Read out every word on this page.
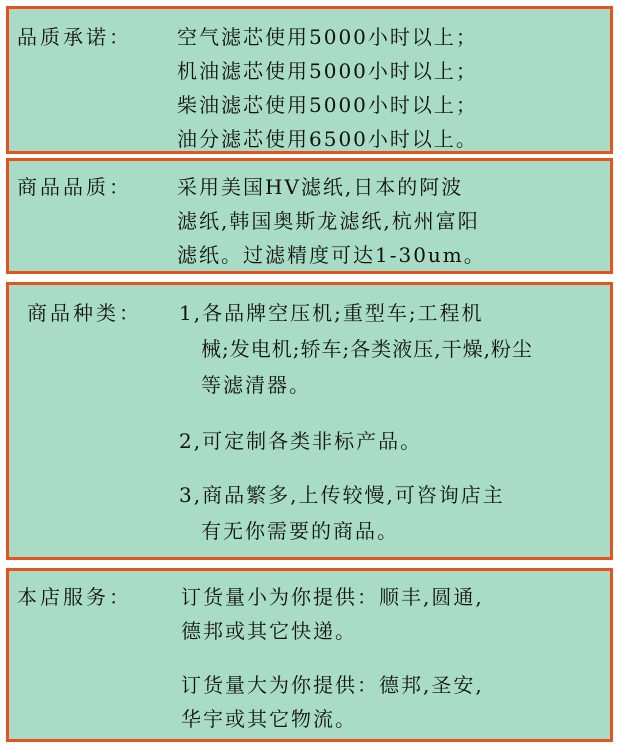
品质承诺： 空气滤芯使用5000小时以上；
机油滤芯使用5000小时以上；
柴油滤芯使用5000小时以上；
油分滤芯使用6500小时以上。
商品品质： 采用美国HV滤纸,日本的阿波
滤纸,韩国奥斯龙滤纸,杭州富阳
滤纸。过滤精度可达1-30um。
商品种类： 1,各品牌空压机;重型车;工程机
械;发电机;轿车;各类液压,干燥,粉尘
等滤清器。
2,可定制各类非标产品。
3,商品繁多,上传较慢,可咨询店主
有无你需要的商品。
本店服务： 订货量小为你提供：顺丰,圆通,
德邦或其它快递。
订货量大为你提供：德邦,圣安,
华宇或其它物流。
